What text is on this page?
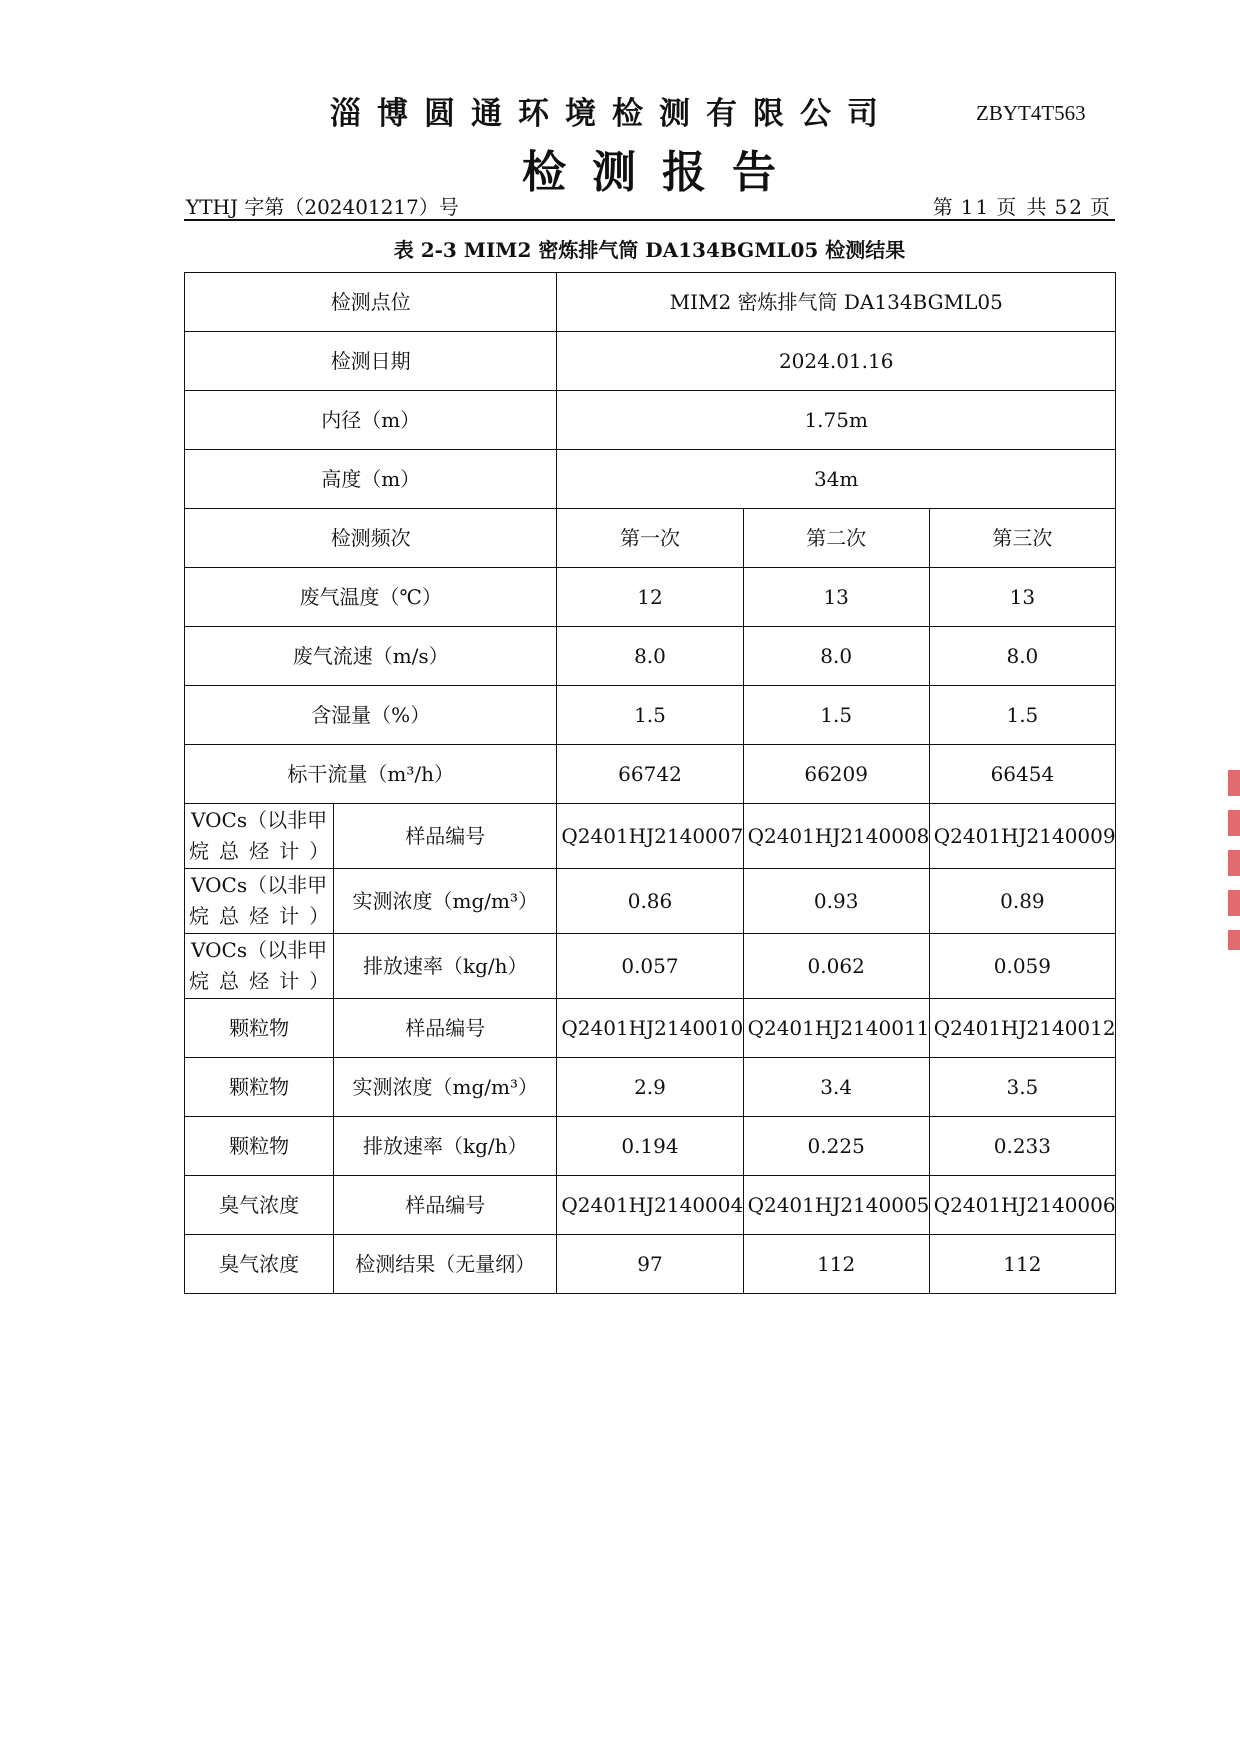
淄博圆通环境检测有限公司	ZBYT4T563
检测报告
YTHJ 字第（202401217）号	第 11 页 共 52 页
表 2-3 MIM2 密炼排气筒 DA134BGML05 检测结果
检测点位		MIM2 密炼排气筒 DA134BGML05		
检测日期		2024.01.16		
内径（m）		1.75m		
高度（m）		34m		
检测频次		第一次	第二次	第三次
废气温度（℃）		12	13	13
废气流速（m/s）		8.0	8.0	8.0
含湿量（%）		1.5	1.5	1.5
标干流量（m³/h）		66742	66209	66454
VOCs（以非甲烷总烃计）	样品编号	Q2401HJ2140007	Q2401HJ2140008	Q2401HJ2140009
VOCs（以非甲烷总烃计）	实测浓度（mg/m³）	0.86	0.93	0.89
VOCs（以非甲烷总烃计）	排放速率（kg/h）	0.057	0.062	0.059
颗粒物	样品编号	Q2401HJ2140010	Q2401HJ2140011	Q2401HJ2140012
颗粒物	实测浓度（mg/m³）	2.9	3.4	3.5
颗粒物	排放速率（kg/h）	0.194	0.225	0.233
臭气浓度	样品编号	Q2401HJ2140004	Q2401HJ2140005	Q2401HJ2140006
臭气浓度	检测结果（无量纲）	97	112	112
